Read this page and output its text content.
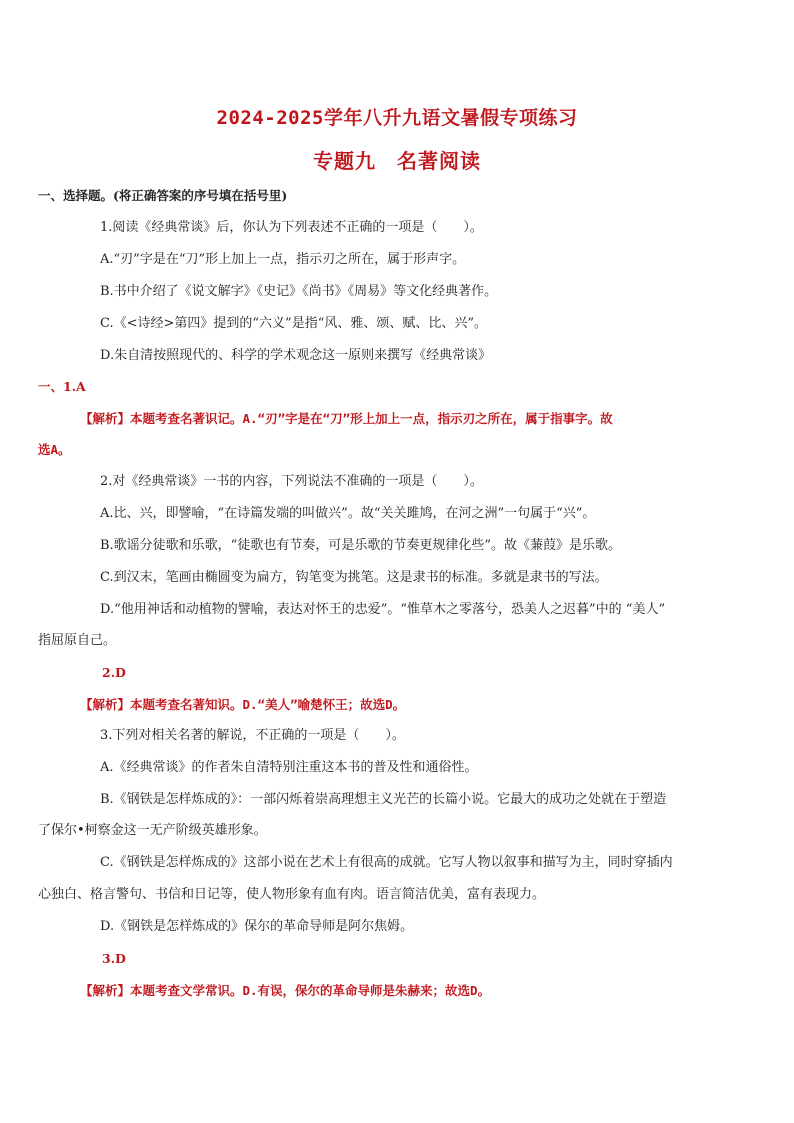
2024-2025学年八升九语文暑假专项练习
专题九　名著阅读
一、选择题。(将正确答案的序号填在括号里)
1.阅读《经典常谈》后，你认为下列表述不正确的一项是（　　）。
A.“刃”字是在“刀”形上加上一点，指示刃之所在，属于形声字。
B.书中介绍了《说文解字》《史记》《尚书》《周易》等文化经典著作。
C.《<诗经>第四》提到的“六义”是指“风、雅、颂、赋、比、兴”。
D.朱自清按照现代的、科学的学术观念这一原则来撰写《经典常谈》
一、1.A
【解析】本题考查名著识记。A.“刃”字是在“刀”形上加上一点，指示刃之所在，属于指事字。故
选A。
2.对《经典常谈》一书的内容，下列说法不准确的一项是（　　）。
A.比、兴，即譬喻，“在诗篇发端的叫做兴”。故“关关雎鸠，在河之洲”一句属于“兴”。
B.歌谣分徒歌和乐歌，“徒歌也有节奏，可是乐歌的节奏更规律化些”。故《蒹葭》是乐歌。
C.到汉末，笔画由椭圆变为扁方，钩笔变为挑笔。这是隶书的标准。多就是隶书的写法。
D.“他用神话和动植物的譬喻，表达对怀王的忠爱”。“惟草木之零落兮，恐美人之迟暮”中的 “美人”
指屈原自己。
2.D
【解析】本题考查名著知识。D.“美人”喻楚怀王；故选D。
3.下列对相关名著的解说，不正确的一项是（　　）。
A.《经典常谈》的作者朱自清特别注重这本书的普及性和通俗性。
B.《钢铁是怎样炼成的》：一部闪烁着崇高理想主义光芒的长篇小说。它最大的成功之处就在于塑造
了保尔•柯察金这一无产阶级英雄形象。
C.《钢铁是怎样炼成的》这部小说在艺术上有很高的成就。它写人物以叙事和描写为主，同时穿插内
心独白、格言警句、书信和日记等，使人物形象有血有肉。语言简洁优美，富有表现力。
D.《钢铁是怎样炼成的》保尔的革命导师是阿尔焦姆。
3.D
【解析】本题考查文学常识。D.有误，保尔的革命导师是朱赫来；故选D。
